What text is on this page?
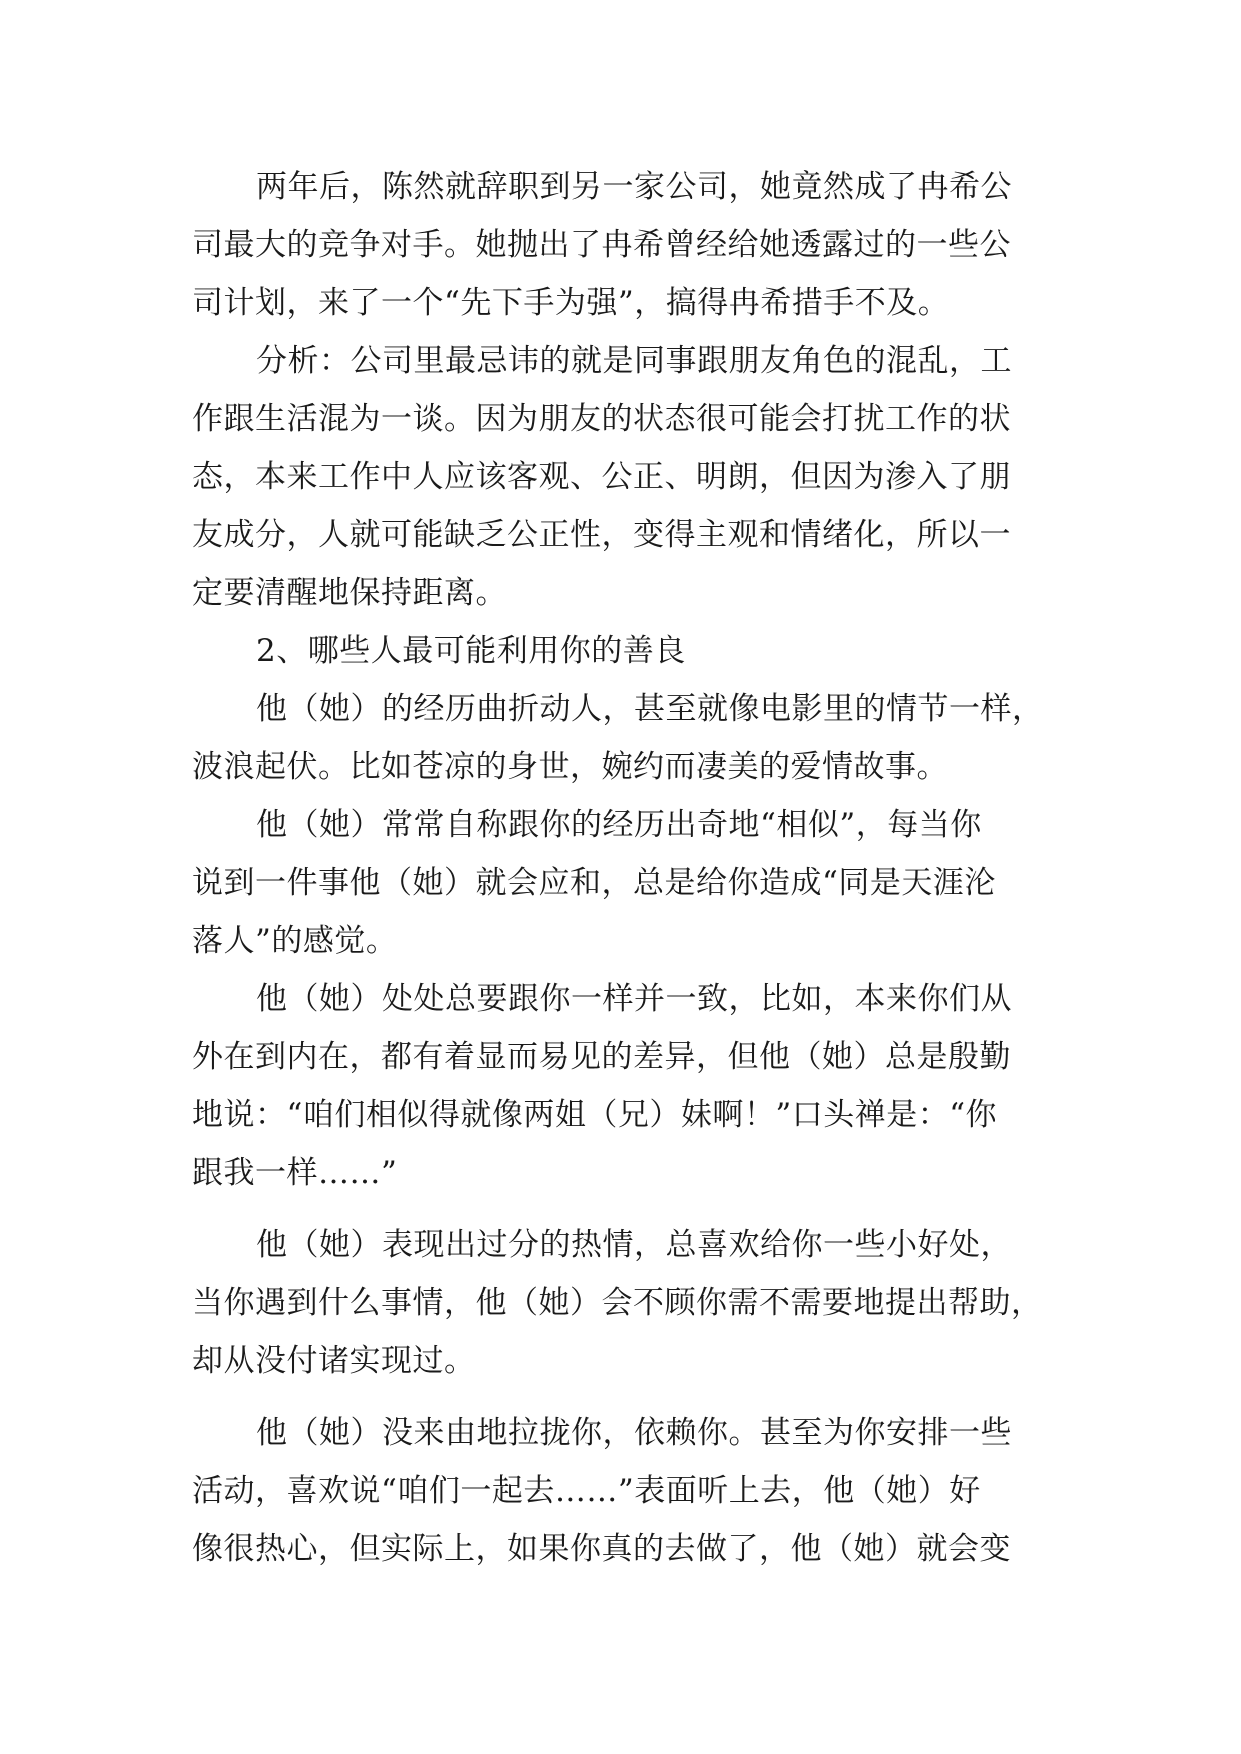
两年后，陈然就辞职到另一家公司，她竟然成了冉希公
司最大的竞争对手。她抛出了冉希曾经给她透露过的一些公
司计划，来了一个“先下手为强”，搞得冉希措手不及。
分析：公司里最忌讳的就是同事跟朋友角色的混乱，工
作跟生活混为一谈。因为朋友的状态很可能会打扰工作的状
态，本来工作中人应该客观、公正、明朗，但因为渗入了朋
友成分，人就可能缺乏公正性，变得主观和情绪化，所以一
定要清醒地保持距离。
2、哪些人最可能利用你的善良
他（她）的经历曲折动人，甚至就像电影里的情节一样，
波浪起伏。比如苍凉的身世，婉约而凄美的爱情故事。
他（她）常常自称跟你的经历出奇地“相似”，每当你
说到一件事他（她）就会应和，总是给你造成“同是天涯沦
落人”的感觉。
他（她）处处总要跟你一样并一致，比如，本来你们从
外在到内在，都有着显而易见的差异，但他（她）总是殷勤
地说：“咱们相似得就像两姐（兄）妹啊！”口头禅是：“你
跟我一样……”
他（她）表现出过分的热情，总喜欢给你一些小好处，
当你遇到什么事情，他（她）会不顾你需不需要地提出帮助，
却从没付诸实现过。
他（她）没来由地拉拢你，依赖你。甚至为你安排一些
活动，喜欢说“咱们一起去……”表面听上去，他（她）好
像很热心，但实际上，如果你真的去做了，他（她）就会变
